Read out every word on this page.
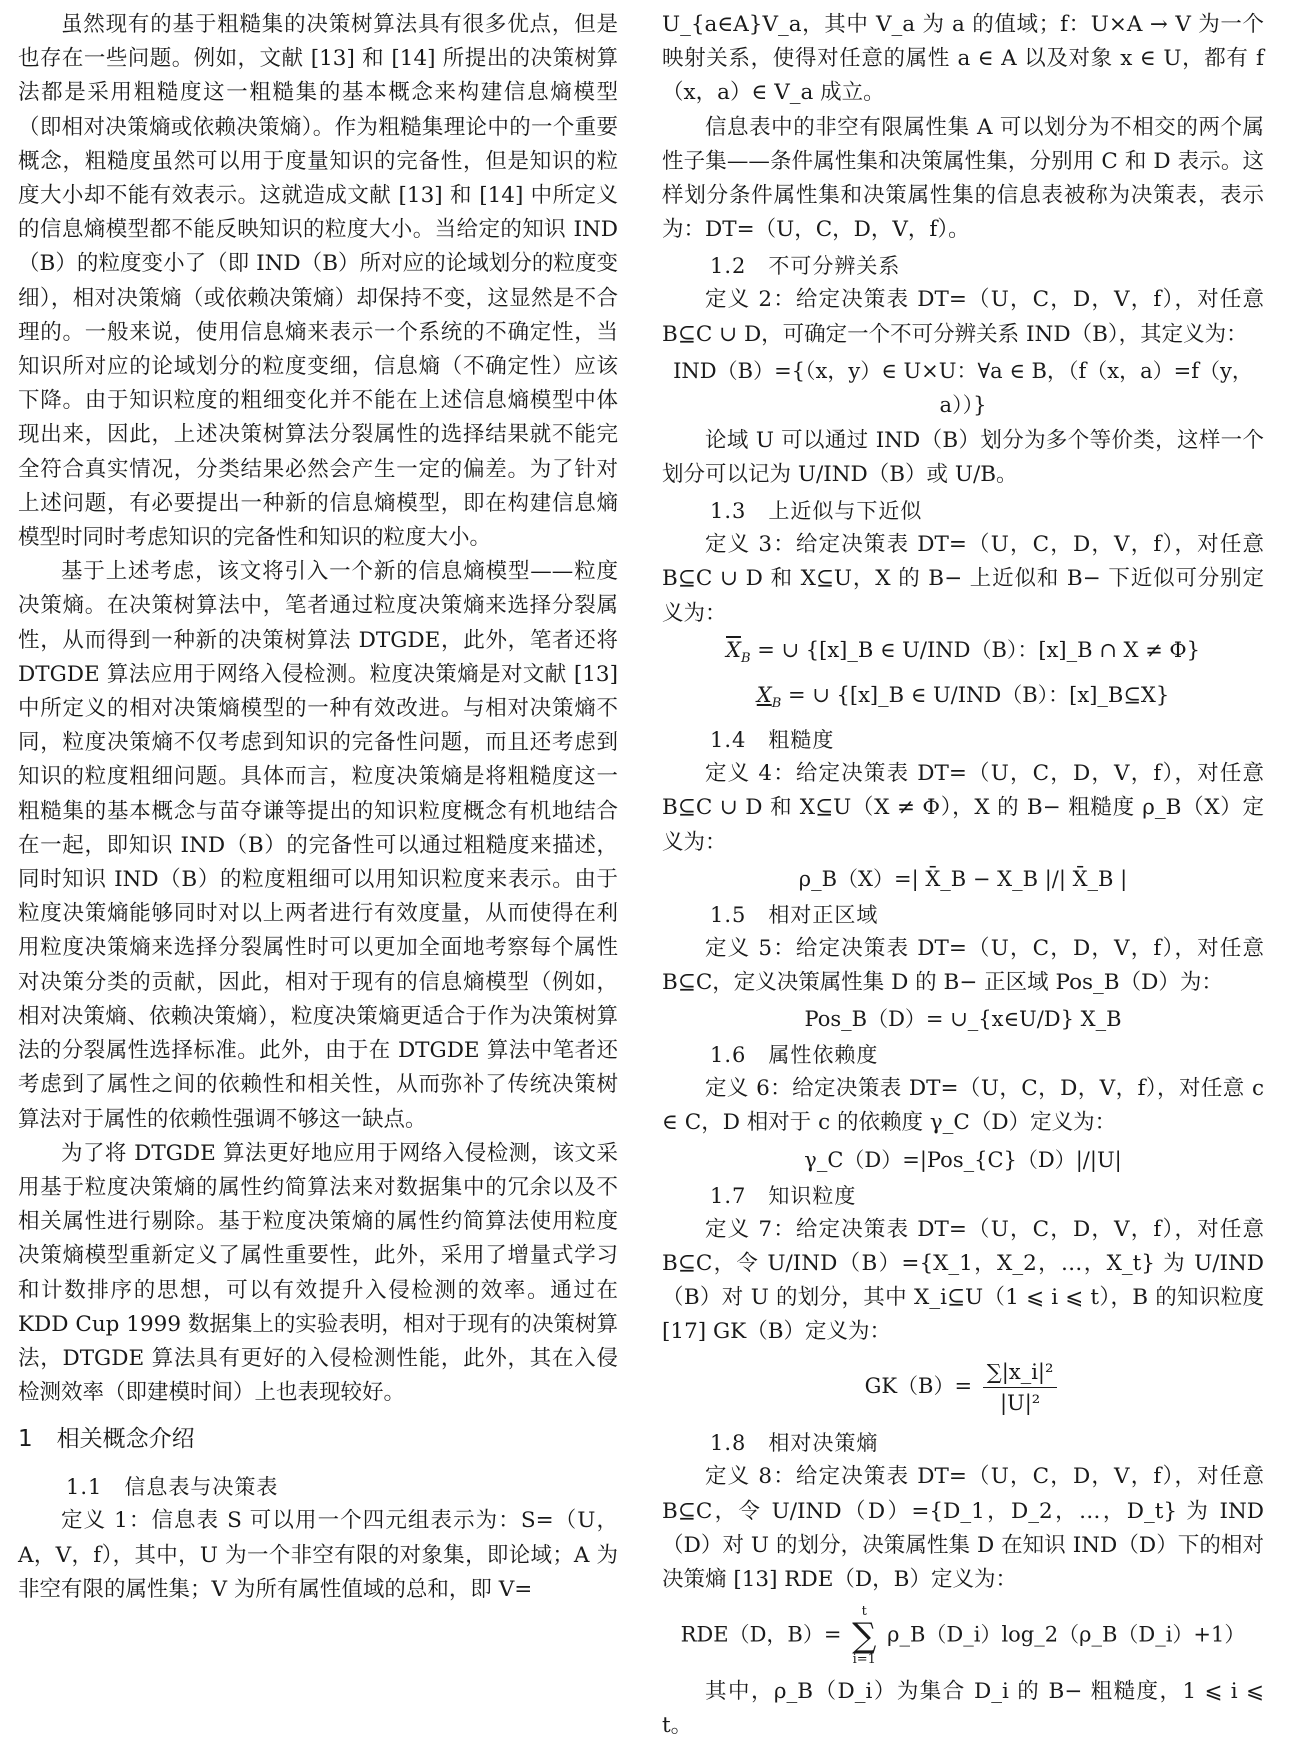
虽然现有的基于粗糙集的决策树算法具有很多优点，但是也存在一些问题。例如，文献 [13] 和 [14] 所提出的决策树算法都是采用粗糙度这一粗糙集的基本概念来构建信息熵模型（即相对决策熵或依赖决策熵）。作为粗糙集理论中的一个重要概念，粗糙度虽然可以用于度量知识的完备性，但是知识的粒度大小却不能有效表示。这就造成文献 [13] 和 [14] 中所定义的信息熵模型都不能反映知识的粒度大小。当给定的知识 IND（B）的粒度变小了（即 IND（B）所对应的论域划分的粒度变细），相对决策熵（或依赖决策熵）却保持不变，这显然是不合理的。一般来说，使用信息熵来表示一个系统的不确定性，当知识所对应的论域划分的粒度变细，信息熵（不确定性）应该下降。由于知识粒度的粗细变化并不能在上述信息熵模型中体现出来，因此，上述决策树算法分裂属性的选择结果就不能完全符合真实情况，分类结果必然会产生一定的偏差。为了针对上述问题，有必要提出一种新的信息熵模型，即在构建信息熵模型时同时考虑知识的完备性和知识的粒度大小。

基于上述考虑，该文将引入一个新的信息熵模型——粒度决策熵。在决策树算法中，笔者通过粒度决策熵来选择分裂属性，从而得到一种新的决策树算法 DTGDE，此外，笔者还将 DTGDE 算法应用于网络入侵检测。粒度决策熵是对文献 [13] 中所定义的相对决策熵模型的一种有效改进。与相对决策熵不同，粒度决策熵不仅考虑到知识的完备性问题，而且还考虑到知识的粒度粗细问题。具体而言，粒度决策熵是将粗糙度这一粗糙集的基本概念与苗夺谦等提出的知识粒度概念有机地结合在一起，即知识 IND（B）的完备性可以通过粗糙度来描述，同时知识 IND（B）的粒度粗细可以用知识粒度来表示。由于粒度决策熵能够同时对以上两者进行有效度量，从而使得在利用粒度决策熵来选择分裂属性时可以更加全面地考察每个属性对决策分类的贡献，因此，相对于现有的信息熵模型（例如，相对决策熵、依赖决策熵），粒度决策熵更适合于作为决策树算法的分裂属性选择标准。此外，由于在 DTGDE 算法中笔者还考虑到了属性之间的依赖性和相关性，从而弥补了传统决策树算法对于属性的依赖性强调不够这一缺点。

为了将 DTGDE 算法更好地应用于网络入侵检测，该文采用基于粒度决策熵的属性约简算法来对数据集中的冗余以及不相关属性进行剔除。基于粒度决策熵的属性约简算法使用粒度决策熵模型重新定义了属性重要性，此外，采用了增量式学习和计数排序的思想，可以有效提升入侵检测的效率。通过在 KDD Cup 1999 数据集上的实验表明，相对于现有的决策树算法，DTGDE 算法具有更好的入侵检测性能，此外，其在入侵检测效率（即建模时间）上也表现较好。

1 相关概念介绍
1.1 信息表与决策表

定义 1：信息表 S 可以用一个四元组表示为：S=（U，A，V，f），其中，U 为一个非空有限的对象集，即论域；A 为非空有限的属性集；V 为所有属性值域的总和，即 V=

U_{a∈A}V_a，其中 V_a 为 a 的值域；f：U×A → V 为一个映射关系，使得对任意的属性 a ∈ A 以及对象 x ∈ U，都有 f（x，a）∈ V_a 成立。

信息表中的非空有限属性集 A 可以划分为不相交的两个属性子集——条件属性集和决策属性集，分别用 C 和 D 表示。这样划分条件属性集和决策属性集的信息表被称为决策表，表示为：DT=（U，C，D，V，f）。

1.2 不可分辨关系

定义 2：给定决策表 DT=（U，C，D，V，f），对任意 B⊆C ∪ D，可确定一个不可分辨关系 IND（B），其定义为：

IND（B）={（x，y）∈ U×U：∀a ∈ B，（f（x，a）=f（y，a））}

论域 U 可以通过 IND（B）划分为多个等价类，这样一个划分可以记为 U/IND（B）或 U/B。

1.3 上近似与下近似

定义 3：给定决策表 DT=（U，C，D，V，f），对任意 B⊆C ∪ D 和 X⊆U，X 的 B− 上近似和 B− 下近似可分别定义为：

$\overline{X}_B$ = ∪ {[x]_B ∈ U/IND（B）：[x]_B ∩ X ≠ Φ}
$X_B$ = ∪ {[x]_B ∈ U/IND（B）：[x]_B⊆X}
1.4 粗糙度

定义 4：给定决策表 DT=（U，C，D，V，f），对任意 B⊆C ∪ D 和 X⊆U（X ≠ Φ），X 的 B− 粗糙度 ρ_B（X）定义为：

ρ_B（X）=| X̄_B − X_B |/| X̄_B |
1.5 相对正区域

定义 5：给定决策表 DT=（U，C，D，V，f），对任意 B⊆C，定义决策属性集 D 的 B− 正区域 Pos_B（D）为：

Pos_B（D）= ∪_{x∈U/D} X_B
1.6 属性依赖度

定义 6：给定决策表 DT=（U，C，D，V，f），对任意 c ∈ C，D 相对于 c 的依赖度 γ_C（D）定义为：

γ_C（D）=|Pos_{C}（D）|/|U|
1.7 知识粒度

定义 7：给定决策表 DT=（U，C，D，V，f），对任意 B⊆C，令 U/IND（B）={X_1，X_2，…，X_t} 为 U/IND（B）对 U 的划分，其中 X_i⊆U（1 ⩽ i ⩽ t），B 的知识粒度 [17] GK（B）定义为：

$GK(B)= \frac{\text{∑|x\_i|²}}{\text{|U|²}}$
1.8 相对决策熵

定义 8：给定决策表 DT=（U，C，D，V，f），对任意 B⊆C，令 U/IND（D）={D_1，D_2，…，D_t} 为 IND（D）对 U 的划分，决策属性集 D 在知识 IND（D）下的相对决策熵 [13] RDE（D，B）定义为：

RDE（D，B）=
t
∑
i=1
ρ_B（D_i）log_2（ρ_B（D_i）+1）

其中，ρ_B（D_i）为集合 D_i 的 B− 粗糙度，1 ⩽ i ⩽ t。
